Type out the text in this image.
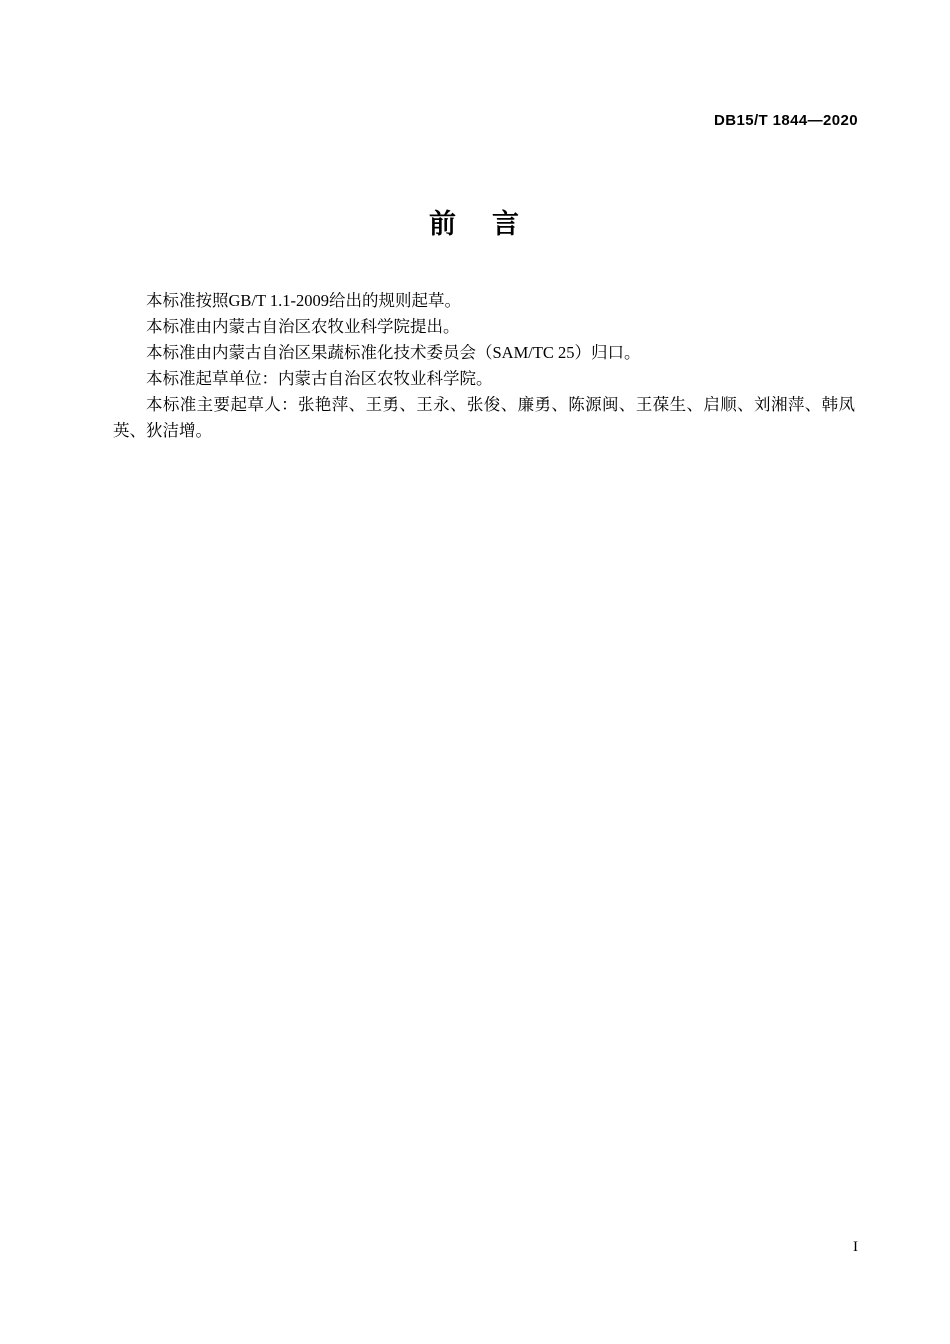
DB15/T 1844—2020
前 言

本标准按照GB/T 1.1-2009给出的规则起草。

本标准由内蒙古自治区农牧业科学院提出。

本标准由内蒙古自治区果蔬标准化技术委员会（SAM/TC 25）归口。

本标准起草单位：内蒙古自治区农牧业科学院。

本标准主要起草人：张艳萍、王勇、王永、张俊、廉勇、陈源闽、王葆生、启顺、刘湘萍、韩凤英、狄洁增。

I
